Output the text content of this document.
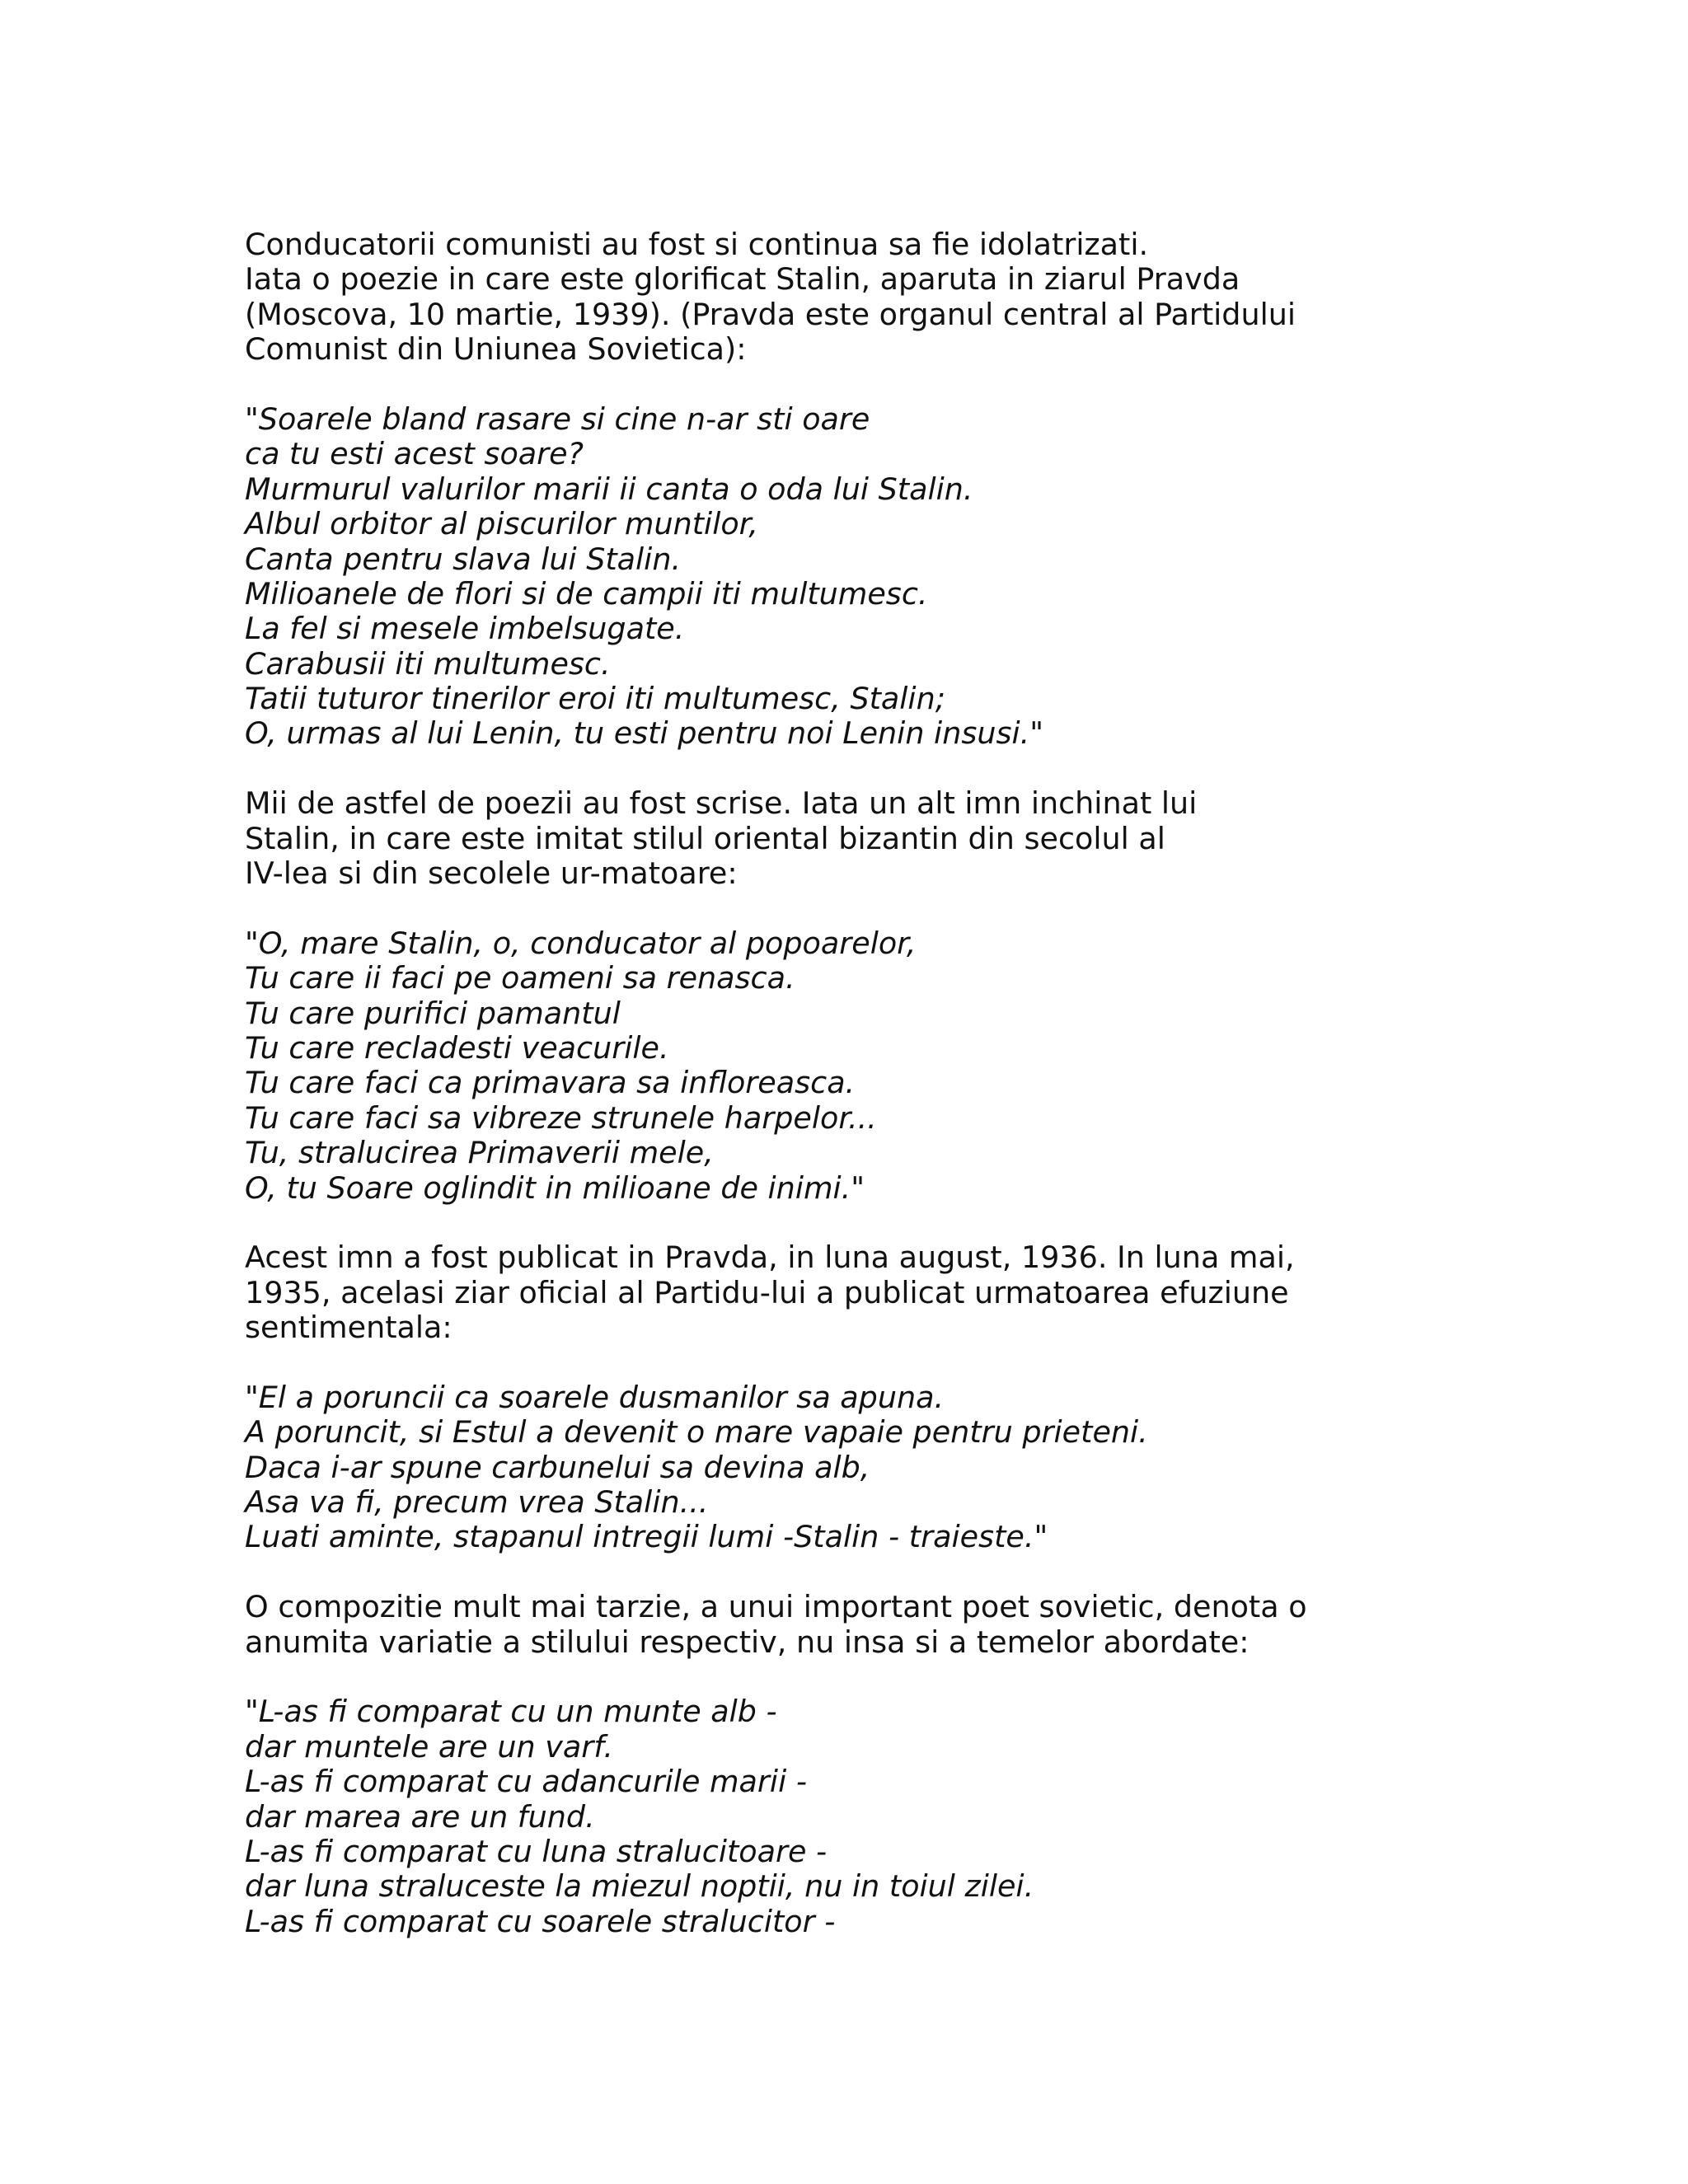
Conducatorii comunisti au fost si continua sa fie idolatrizati.
Iata o poezie in care este glorificat Stalin, aparuta in ziarul Pravda
(Moscova, 10 martie, 1939). (Pravda este organul central al Partidului
Comunist din Uniunea Sovietica):
"Soarele bland rasare si cine n-ar sti oare
ca tu esti acest soare?
Murmurul valurilor marii ii canta o oda lui Stalin.
Albul orbitor al piscurilor muntilor,
Canta pentru slava lui Stalin.
Milioanele de flori si de campii iti multumesc.
La fel si mesele imbelsugate.
Carabusii iti multumesc.
Tatii tuturor tinerilor eroi iti multumesc, Stalin;
O, urmas al lui Lenin, tu esti pentru noi Lenin insusi."
Mii de astfel de poezii au fost scrise. Iata un alt imn inchinat lui
Stalin, in care este imitat stilul oriental bizantin din secolul al
IV-lea si din secolele ur-matoare:
"O, mare Stalin, o, conducator al popoarelor,
Tu care ii faci pe oameni sa renasca.
Tu care purifici pamantul
Tu care recladesti veacurile.
Tu care faci ca primavara sa infloreasca.
Tu care faci sa vibreze strunele harpelor...
Tu, stralucirea Primaverii mele,
O, tu Soare oglindit in milioane de inimi."
Acest imn a fost publicat in Pravda, in luna august, 1936. In luna mai,
1935, acelasi ziar oficial al Partidu-lui a publicat urmatoarea efuziune
sentimentala:
"El a poruncii ca soarele dusmanilor sa apuna.
A poruncit, si Estul a devenit o mare vapaie pentru prieteni.
Daca i-ar spune carbunelui sa devina alb,
Asa va fi, precum vrea Stalin...
Luati aminte, stapanul intregii lumi -Stalin - traieste."
O compozitie mult mai tarzie, a unui important poet sovietic, denota o
anumita variatie a stilului respectiv, nu insa si a temelor abordate:
"L-as fi comparat cu un munte alb -
dar muntele are un varf.
L-as fi comparat cu adancurile marii -
dar marea are un fund.
L-as fi comparat cu luna stralucitoare -
dar luna straluceste la miezul noptii, nu in toiul zilei.
L-as fi comparat cu soarele stralucitor -
